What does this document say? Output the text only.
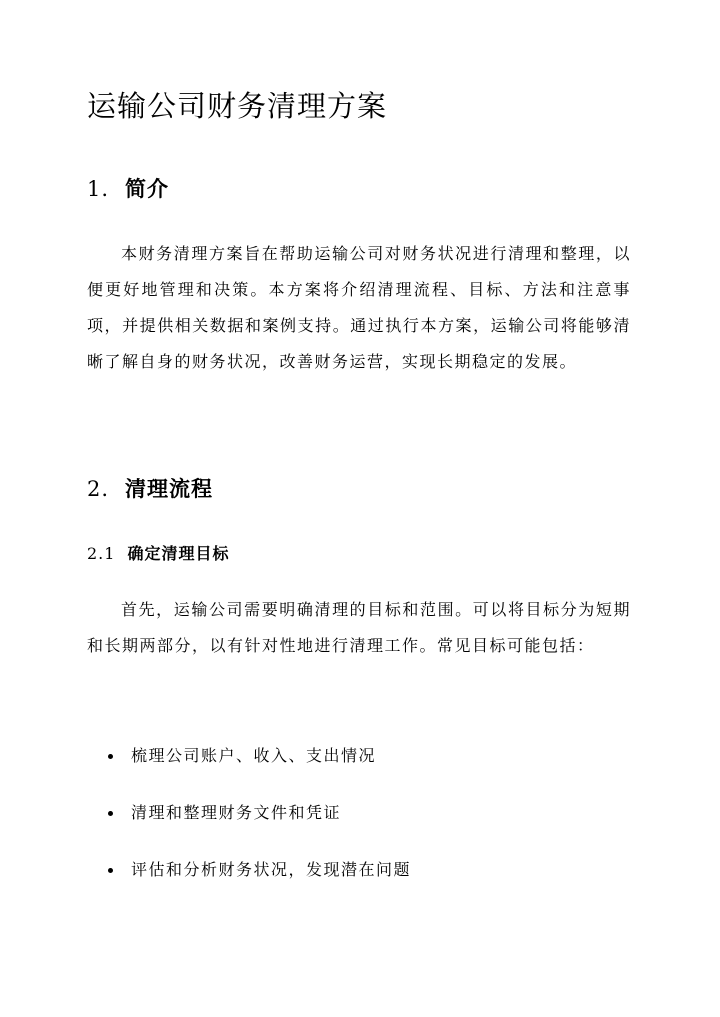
运输公司财务清理方案
1. 简介

本财务清理方案旨在帮助运输公司对财务状况进行清理和整理，以便更好地管理和决策。本方案将介绍清理流程、目标、方法和注意事项，并提供相关数据和案例支持。通过执行本方案，运输公司将能够清晰了解自身的财务状况，改善财务运营，实现长期稳定的发展。

2. 清理流程
2.1 确定清理目标

首先，运输公司需要明确清理的目标和范围。可以将目标分为短期和长期两部分，以有针对性地进行清理工作。常见目标可能包括：

梳理公司账户、收入、支出情况
清理和整理财务文件和凭证
评估和分析财务状况，发现潜在问题
